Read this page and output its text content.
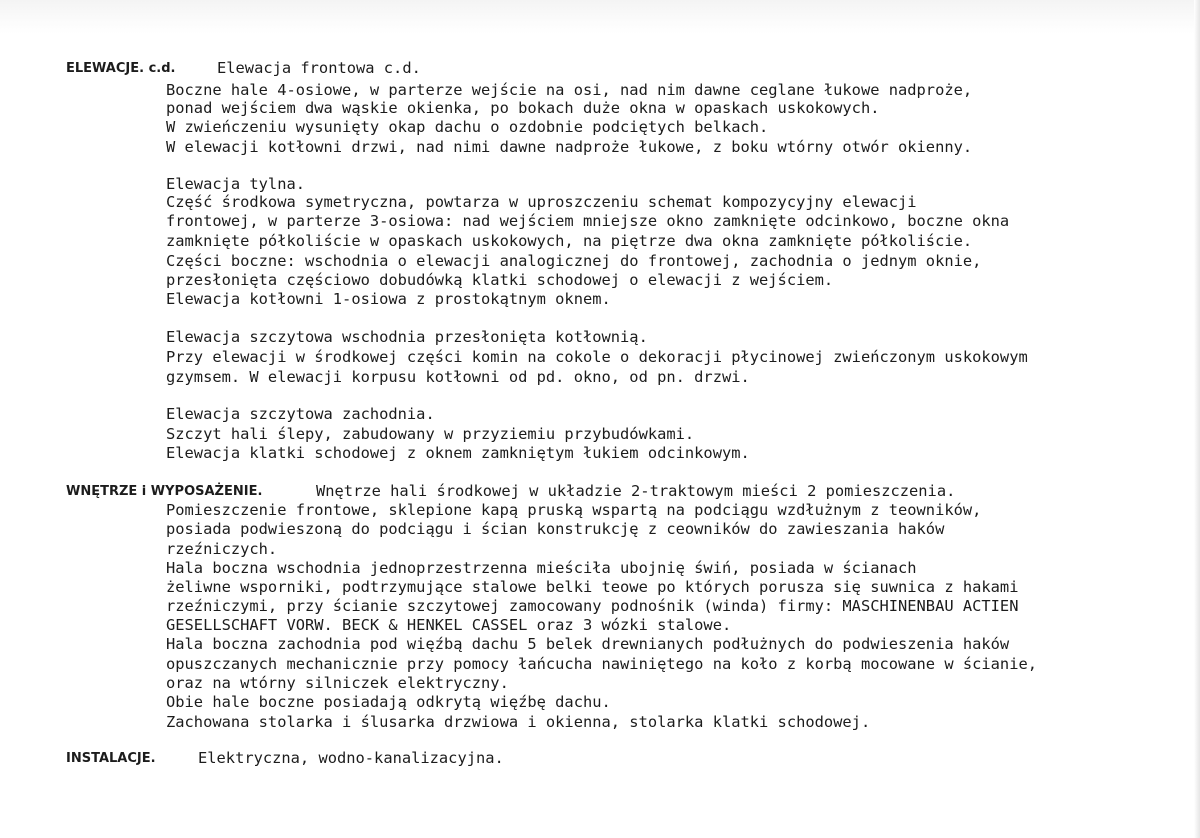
ELEWACJE. c.d.	Elewacja frontowa c.d.
Boczne hale 4-osiowe, w parterze wejście na osi, nad nim dawne ceglane łukowe nadproże,
ponad wejściem dwa wąskie okienka, po bokach duże okna w opaskach uskokowych.
W zwieńczeniu wysunięty okap dachu o ozdobnie podciętych belkach.
W elewacji kotłowni drzwi, nad nimi dawne nadproże łukowe, z boku wtórny otwór okienny.
Elewacja tylna.
Część środkowa symetryczna, powtarza w uproszczeniu schemat kompozycyjny elewacji
frontowej, w parterze 3-osiowa: nad wejściem mniejsze okno zamknięte odcinkowo, boczne okna
zamknięte półkoliście w opaskach uskokowych, na piętrze dwa okna zamknięte półkoliście.
Części boczne: wschodnia o elewacji analogicznej do frontowej, zachodnia o jednym oknie,
przesłonięta częściowo dobudówką klatki schodowej o elewacji z wejściem.
Elewacja kotłowni 1-osiowa z prostokątnym oknem.
Elewacja szczytowa wschodnia przesłonięta kotłownią.
Przy elewacji w środkowej części komin na cokole o dekoracji płycinowej zwieńczonym uskokowym
gzymsem. W elewacji korpusu kotłowni od pd. okno, od pn. drzwi.
Elewacja szczytowa zachodnia.
Szczyt hali ślepy, zabudowany w przyziemiu przybudówkami.
Elewacja klatki schodowej z oknem zamkniętym łukiem odcinkowym.
WNĘTRZE i WYPOSAŻENIE.	Wnętrze hali środkowej w układzie 2-traktowym mieści 2 pomieszczenia.
Pomieszczenie frontowe, sklepione kapą pruską wspartą na podciągu wzdłużnym z teowników,
posiada podwieszoną do podciągu i ścian konstrukcję z ceowników do zawieszania haków
rzeźniczych.
Hala boczna wschodnia jednoprzestrzenna mieściła ubojnię świń, posiada w ścianach
żeliwne wsporniki, podtrzymujące stalowe belki teowe po których porusza się suwnica z hakami
rzeźniczymi, przy ścianie szczytowej zamocowany podnośnik (winda) firmy: MASCHINENBAU ACTIEN
GESELLSCHAFT VORW. BECK & HENKEL CASSEL oraz 3 wózki stalowe.
Hala boczna zachodnia pod więźbą dachu 5 belek drewnianych podłużnych do podwieszenia haków
opuszczanych mechanicznie przy pomocy łańcucha nawiniętego na koło z korbą mocowane w ścianie,
oraz na wtórny silniczek elektryczny.
Obie hale boczne posiadają odkrytą więźbę dachu.
Zachowana stolarka i ślusarka drzwiowa i okienna, stolarka klatki schodowej.
INSTALACJE.	Elektryczna, wodno-kanalizacyjna.
